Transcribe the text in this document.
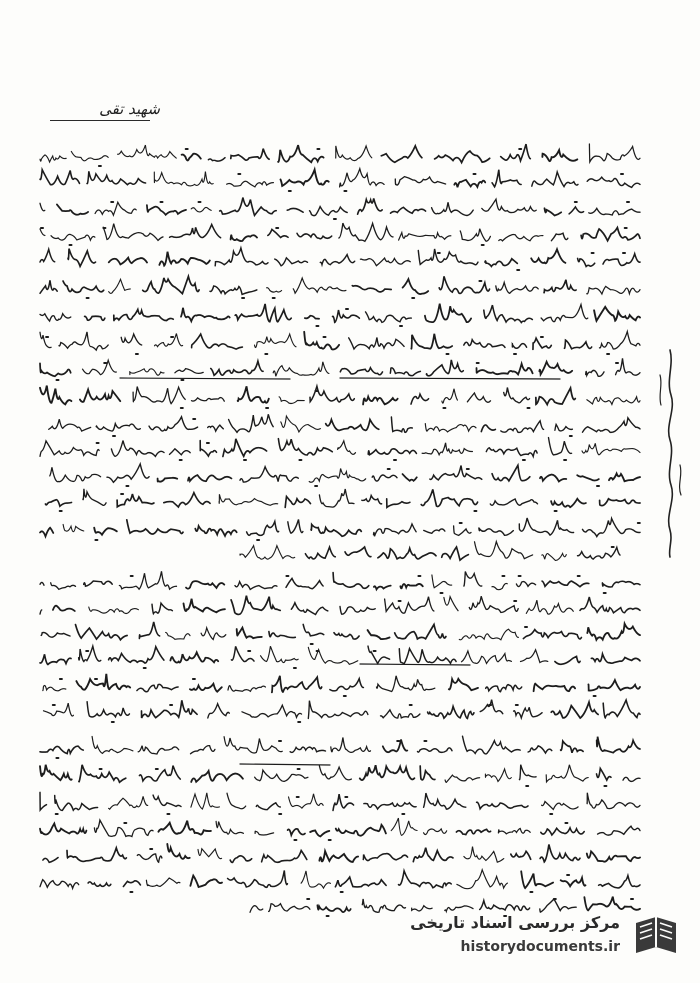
شهید تقی
مرکز بررسی اسناد تاریخی
historydocuments.ir
